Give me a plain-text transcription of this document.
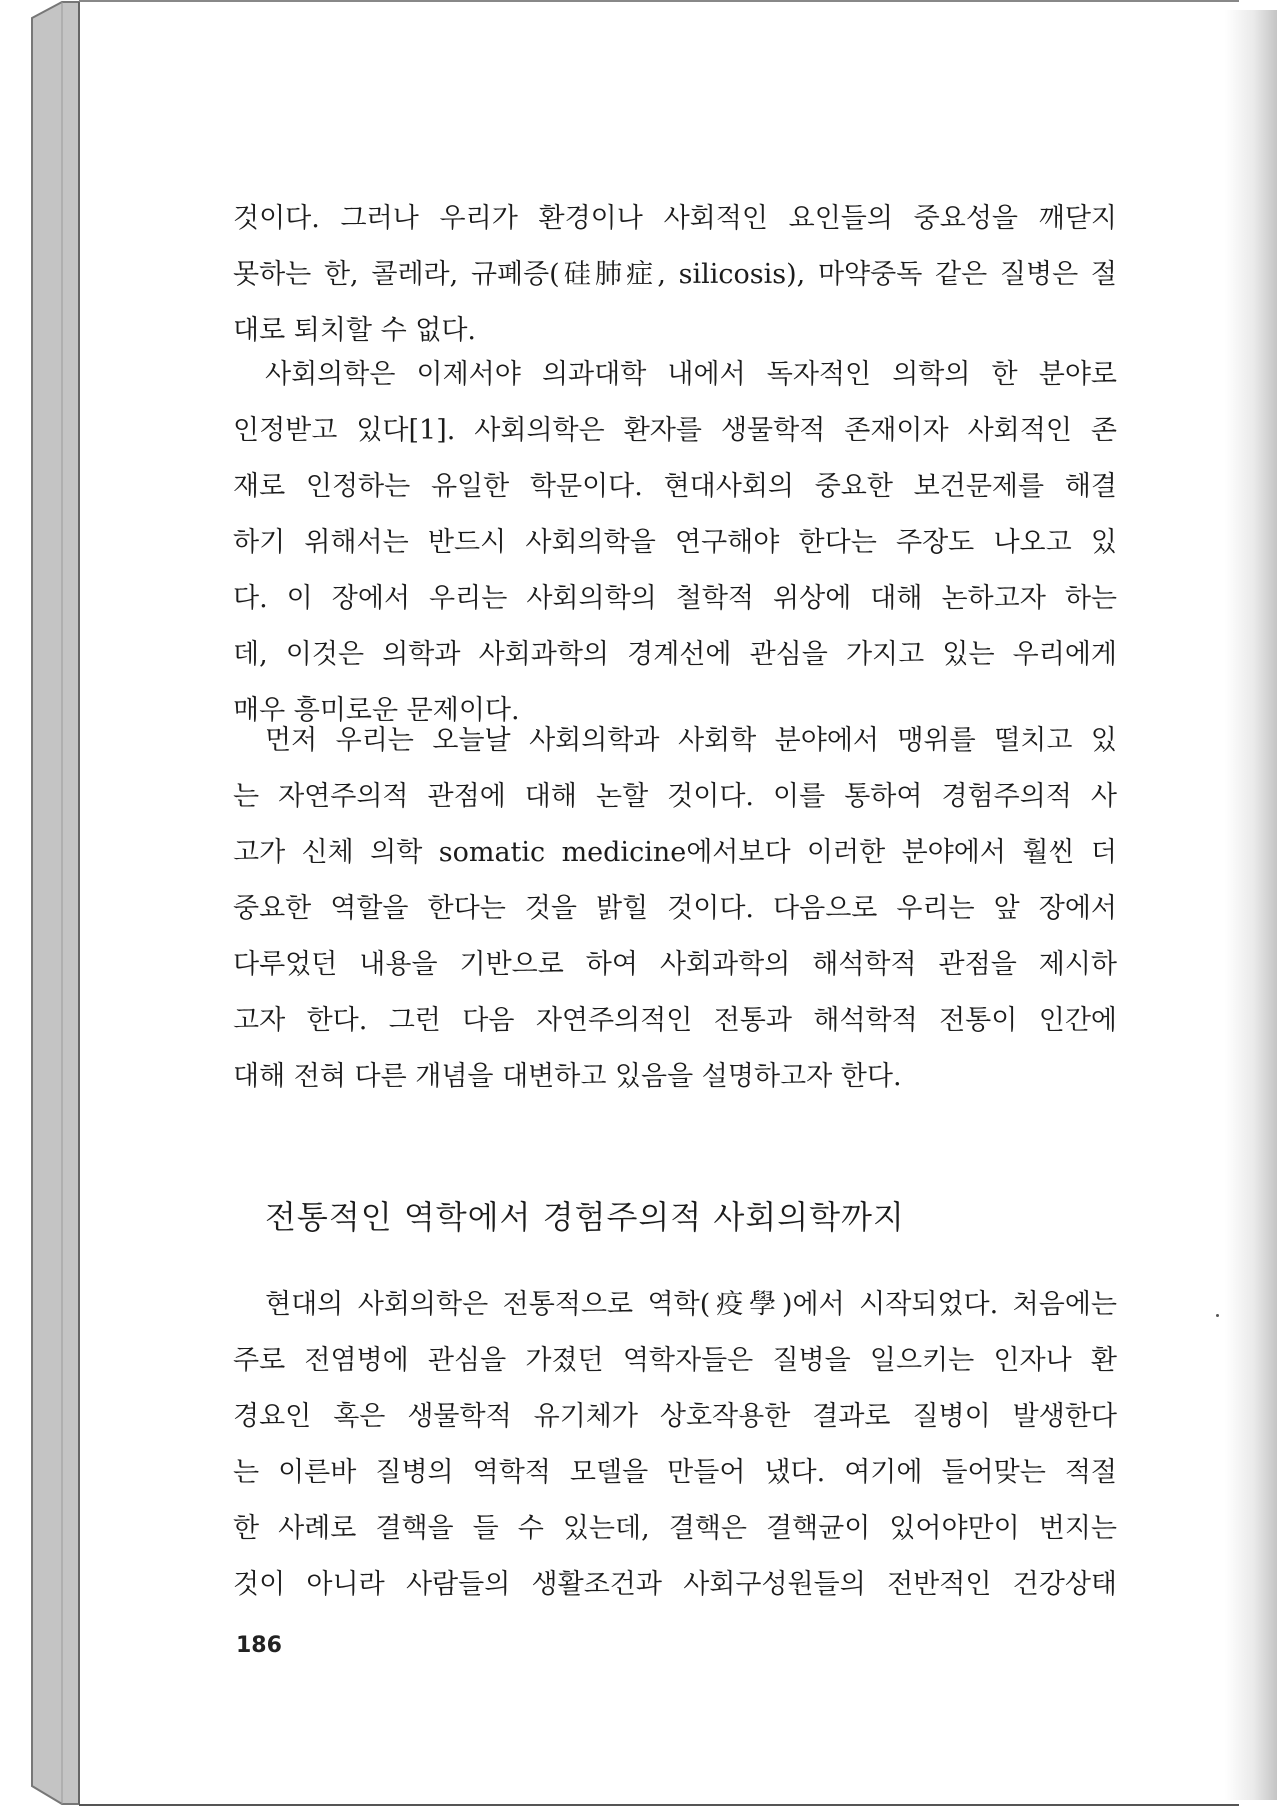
것이다. 그러나 우리가 환경이나 사회적인 요인들의 중요성을 깨닫지
못하는 한, 콜레라, 규폐증(硅肺症, silicosis), 마약중독 같은 질병은 절
대로 퇴치할 수 없다.
사회의학은 이제서야 의과대학 내에서 독자적인 의학의 한 분야로
인정받고 있다[1]. 사회의학은 환자를 생물학적 존재이자 사회적인 존
재로 인정하는 유일한 학문이다. 현대사회의 중요한 보건문제를 해결
하기 위해서는 반드시 사회의학을 연구해야 한다는 주장도 나오고 있
다. 이 장에서 우리는 사회의학의 철학적 위상에 대해 논하고자 하는
데, 이것은 의학과 사회과학의 경계선에 관심을 가지고 있는 우리에게
매우 흥미로운 문제이다.
먼저 우리는 오늘날 사회의학과 사회학 분야에서 맹위를 떨치고 있
는 자연주의적 관점에 대해 논할 것이다. 이를 통하여 경험주의적 사
고가 신체 의학 somatic medicine에서보다 이러한 분야에서 훨씬 더
중요한 역할을 한다는 것을 밝힐 것이다. 다음으로 우리는 앞 장에서
다루었던 내용을 기반으로 하여 사회과학의 해석학적 관점을 제시하
고자 한다. 그런 다음 자연주의적인 전통과 해석학적 전통이 인간에
대해 전혀 다른 개념을 대변하고 있음을 설명하고자 한다.
전통적인 역학에서 경험주의적 사회의학까지
현대의 사회의학은 전통적으로 역학(疫學)에서 시작되었다. 처음에는
주로 전염병에 관심을 가졌던 역학자들은 질병을 일으키는 인자나 환
경요인 혹은 생물학적 유기체가 상호작용한 결과로 질병이 발생한다
는 이른바 질병의 역학적 모델을 만들어 냈다. 여기에 들어맞는 적절
한 사례로 결핵을 들 수 있는데, 결핵은 결핵균이 있어야만이 번지는
것이 아니라 사람들의 생활조건과 사회구성원들의 전반적인 건강상태
186
